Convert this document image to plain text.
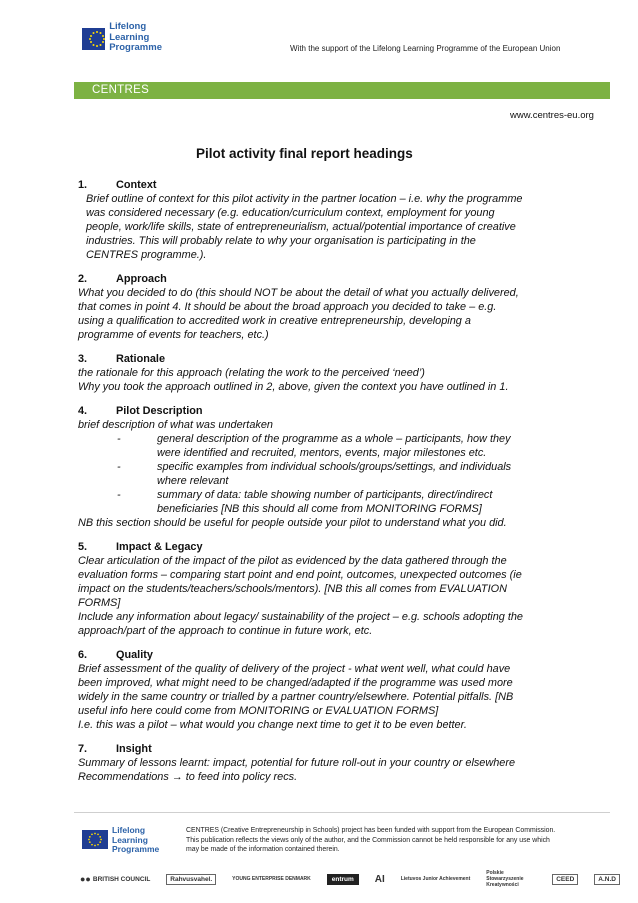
Lifelong
Learning
Programme	With the support of the Lifelong Learning Programme of the European Union
CENTRES
www.centres-eu.org
Pilot activity final report headings
1.	Context
Brief outline of context for this pilot activity in the partner location – i.e. why the programme
was considered necessary (e.g. education/curriculum context, employment for young
people, work/life skills, state of entrepreneurialism, actual/potential importance of creative
industries. This will probably relate to why your organisation is participating in the
CENTRES programme.).
2.	Approach
What you decided to do (this should NOT be about the detail of what you actually delivered,
that comes in point 4. It should be about the broad approach you decided to take – e.g.
using a qualification to accredited work in creative entrepreneurship, developing a
programme of events for teachers, etc.)
3.	Rationale
the rationale for this approach (relating the work to the perceived ‘need’)
Why you took the approach outlined in 2, above, given the context you have outlined in 1.
4.	Pilot Description
brief description of what was undertaken
-	general description of the programme as a whole – participants, how they
were identified and recruited, mentors, events, major milestones etc.
-	specific examples from individual schools/groups/settings, and individuals
where relevant
-	summary of data: table showing number of participants, direct/indirect
beneficiaries [NB this should all come from MONITORING FORMS]
NB this section should be useful for people outside your pilot to understand what you did.
5.	Impact & Legacy
Clear articulation of the impact of the pilot as evidenced by the data gathered through the
evaluation forms – comparing start point and end point, outcomes, unexpected outcomes (ie
impact on the students/teachers/schools/mentors). [NB this all comes from EVALUATION
FORMS]
Include any information about legacy/ sustainability of the project – e.g. schools adopting the
approach/part of the approach to continue in future work, etc.
6.	Quality
Brief assessment of the quality of delivery of the project - what went well, what could have
been improved, what might need to be changed/adapted if the programme was used more
widely in the same country or trialled by a partner country/elsewhere. Potential pitfalls. [NB
useful info here could come from MONITORING or EVALUATION FORMS]
I.e. this was a pilot – what would you change next time to get it to be even better.
7.	Insight
Summary of lessons learnt: impact, potential for future roll-out in your country or elsewhere
Recommendations → to feed into policy recs.
Lifelong
Learning
Programme
CENTRES (Creative Entrepreneurship in Schools) project has been funded with support from the European Commission.
This publication reflects the views only of the author, and the Commission cannot be held responsible for any use which
may be made of the information contained therein.
●● BRITISH COUNCIL	Rahvusvahel.	YOUNG ENTERPRISE DENMARK	entrum	AI	Lietuvos Junior Achievement
Polskie Stowarzyszenie Kreatywności
CEED	A.N.D
